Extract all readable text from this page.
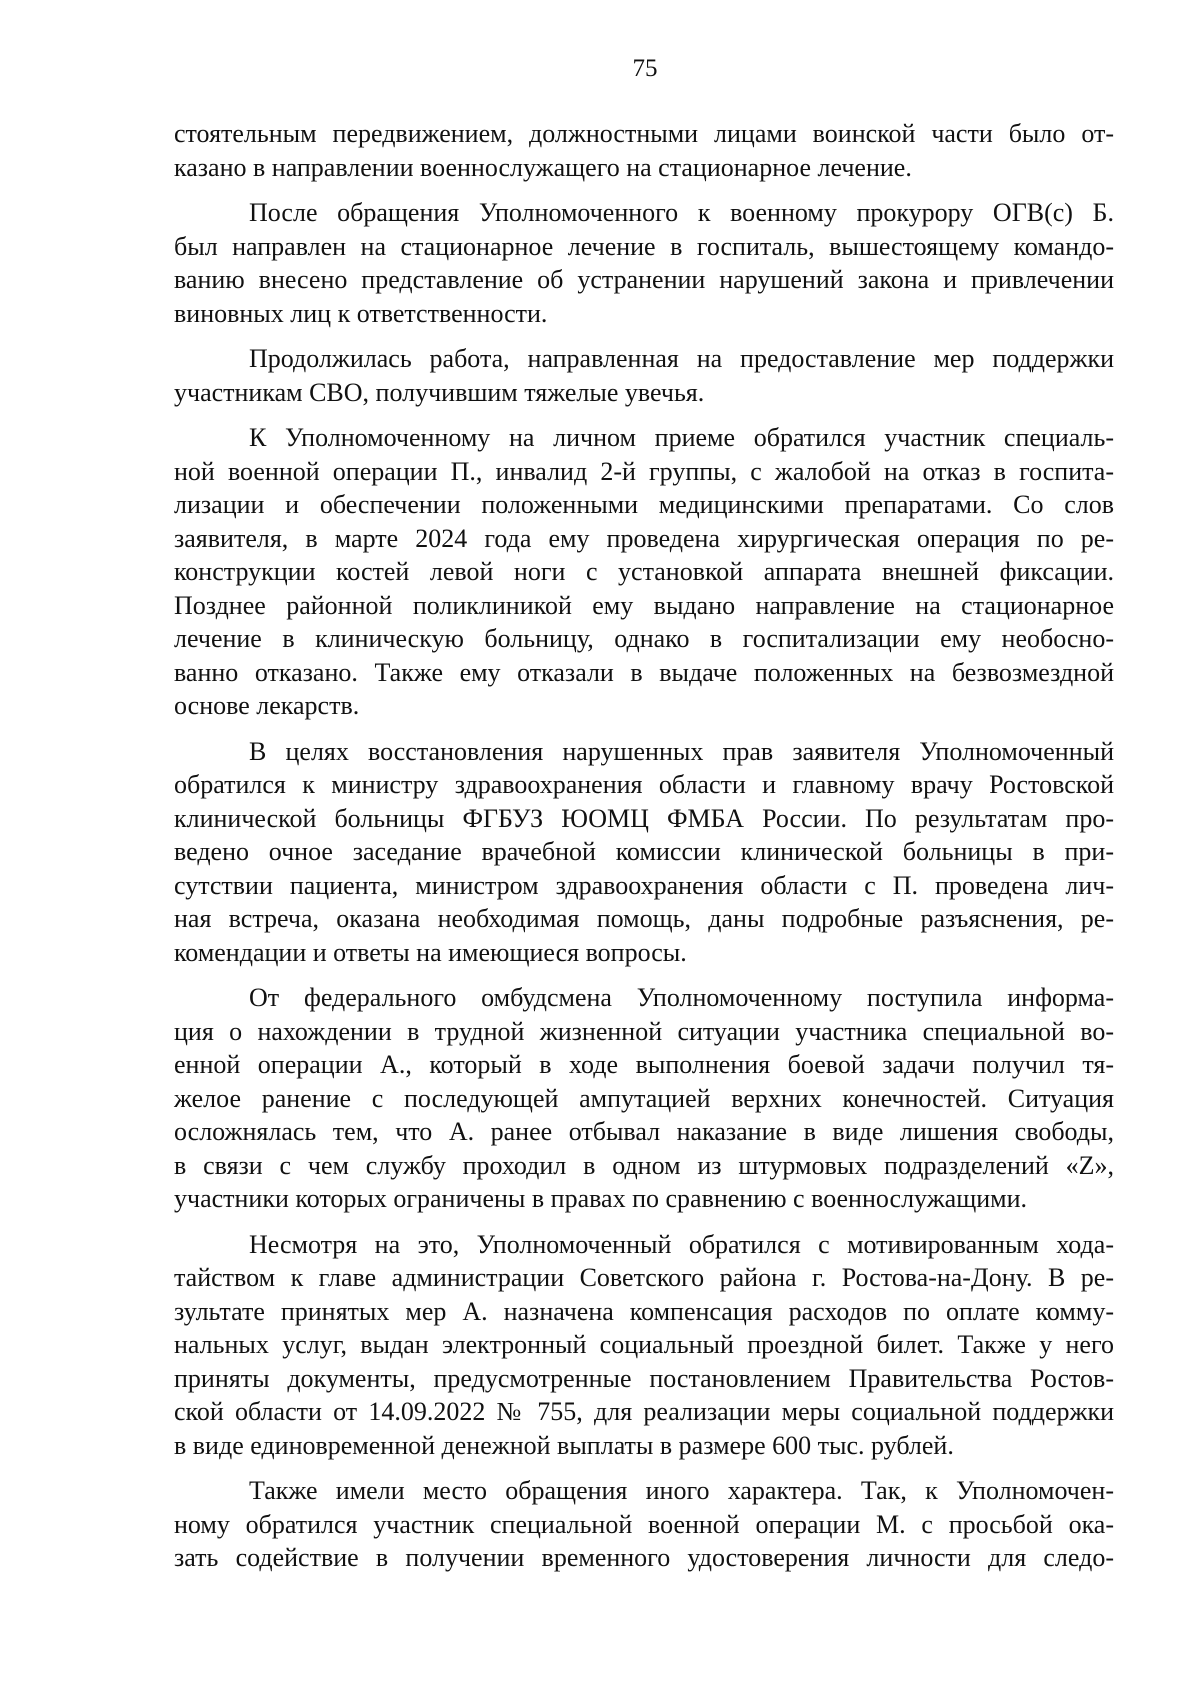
75
стоятельным передвижением, должностными лицами воинской части было от-
казано в направлении военнослужащего на стационарное лечение.
После обращения Уполномоченного к военному прокурору ОГВ(с) Б.
был направлен на стационарное лечение в госпиталь, вышестоящему командо-
ванию внесено представление об устранении нарушений закона и привлечении
виновных лиц к ответственности.
Продолжилась работа, направленная на предоставление мер поддержки
участникам СВО, получившим тяжелые увечья.
К Уполномоченному на личном приеме обратился участник специаль-
ной военной операции П., инвалид 2-й группы, с жалобой на отказ в госпита-
лизации и обеспечении положенными медицинскими препаратами. Со слов
заявителя, в марте 2024 года ему проведена хирургическая операция по ре-
конструкции костей левой ноги с установкой аппарата внешней фиксации.
Позднее районной поликлиникой ему выдано направление на стационарное
лечение в клиническую больницу, однако в госпитализации ему необосно-
ванно отказано. Также ему отказали в выдаче положенных на безвозмездной
основе лекарств.
В целях восстановления нарушенных прав заявителя Уполномоченный
обратился к министру здравоохранения области и главному врачу Ростовской
клинической больницы ФГБУЗ ЮОМЦ ФМБА России. По результатам про-
ведено очное заседание врачебной комиссии клинической больницы в при-
сутствии пациента, министром здравоохранения области с П. проведена лич-
ная встреча, оказана необходимая помощь, даны подробные разъяснения, ре-
комендации и ответы на имеющиеся вопросы.
От федерального омбудсмена Уполномоченному поступила информа-
ция о нахождении в трудной жизненной ситуации участника специальной во-
енной операции А., который в ходе выполнения боевой задачи получил тя-
желое ранение с последующей ампутацией верхних конечностей. Ситуация
осложнялась тем, что А. ранее отбывал наказание в виде лишения свободы,
в связи с чем службу проходил в одном из штурмовых подразделений «Z»,
участники которых ограничены в правах по сравнению с военнослужащими.
Несмотря на это, Уполномоченный обратился с мотивированным хода-
тайством к главе администрации Советского района г. Ростова-на-Дону. В ре-
зультате принятых мер А. назначена компенсация расходов по оплате комму-
нальных услуг, выдан электронный социальный проездной билет. Также у него
приняты документы, предусмотренные постановлением Правительства Ростов-
ской области от 14.09.2022 № 755, для реализации меры социальной поддержки
в виде единовременной денежной выплаты в размере 600 тыс. рублей.
Также имели место обращения иного характера. Так, к Уполномочен-
ному обратился участник специальной военной операции М. с просьбой ока-
зать содействие в получении временного удостоверения личности для следо-
